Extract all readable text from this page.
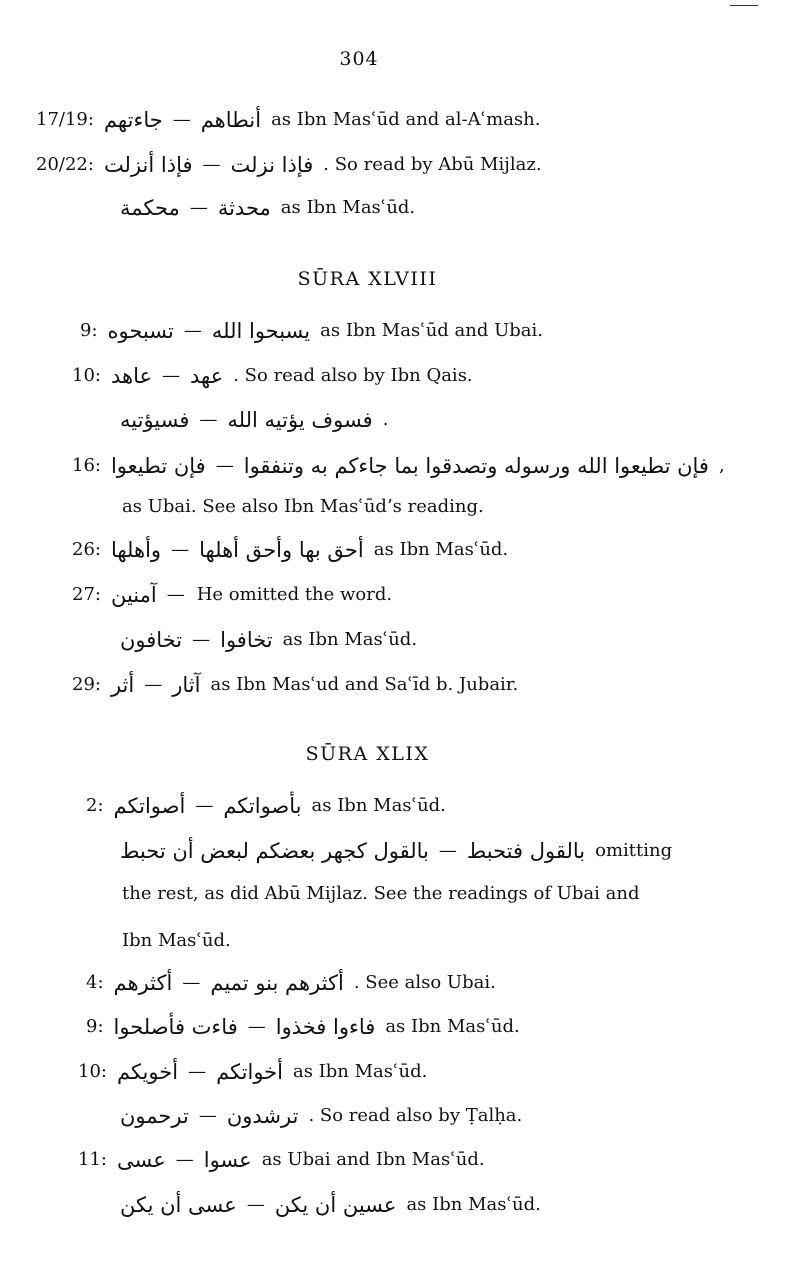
304
17/19: جاءتهم — أنطاهم as Ibn Masʿūd and al-Aʿmash.
20/22: فإذا أنزلت — فإذا نزلت . So read by Abū Mijlaz.
محكمة — محدثة as Ibn Masʿūd.
SŪRA XLVIII
9: تسبحوه — يسبحوا الله as Ibn Masʿūd and Ubai.
10: عاهد — عهد . So read also by Ibn Qais.
فسيؤتيه — فسوف يؤتيه الله .
16: فإن تطيعوا — فإن تطيعوا الله ورسوله وتصدقوا بما جاءكم به وتنفقوا ,
as Ubai. See also Ibn Masʿūd’s reading.
26: وأهلها — أحق بها وأحق أهلها as Ibn Masʿūd.
27: آمنين — He omitted the word.
تخافون — تخافوا as Ibn Masʿūd.
29: أثر — آثار as Ibn Masʿud and Saʿīd b. Jubair.
SŪRA XLIX
2: أصواتكم — بأصواتكم as Ibn Masʿūd.
بالقول كجهر بعضكم لبعض أن تحبط — بالقول فتحبط omitting
the rest, as did Abū Mijlaz. See the readings of Ubai and
Ibn Masʿūd.
4: أكثرهم — أكثرهم بنو تميم . See also Ubai.
9: فاءت فأصلحوا — فاءوا فخذوا as Ibn Masʿūd.
10: أخويكم — أخواتكم as Ibn Masʿūd.
ترحمون — ترشدون . So read also by Ṭalḥa.
11: عسى — عسوا as Ubai and Ibn Masʿūd.
عسى أن يكن — عسين أن يكن as Ibn Masʿūd.
